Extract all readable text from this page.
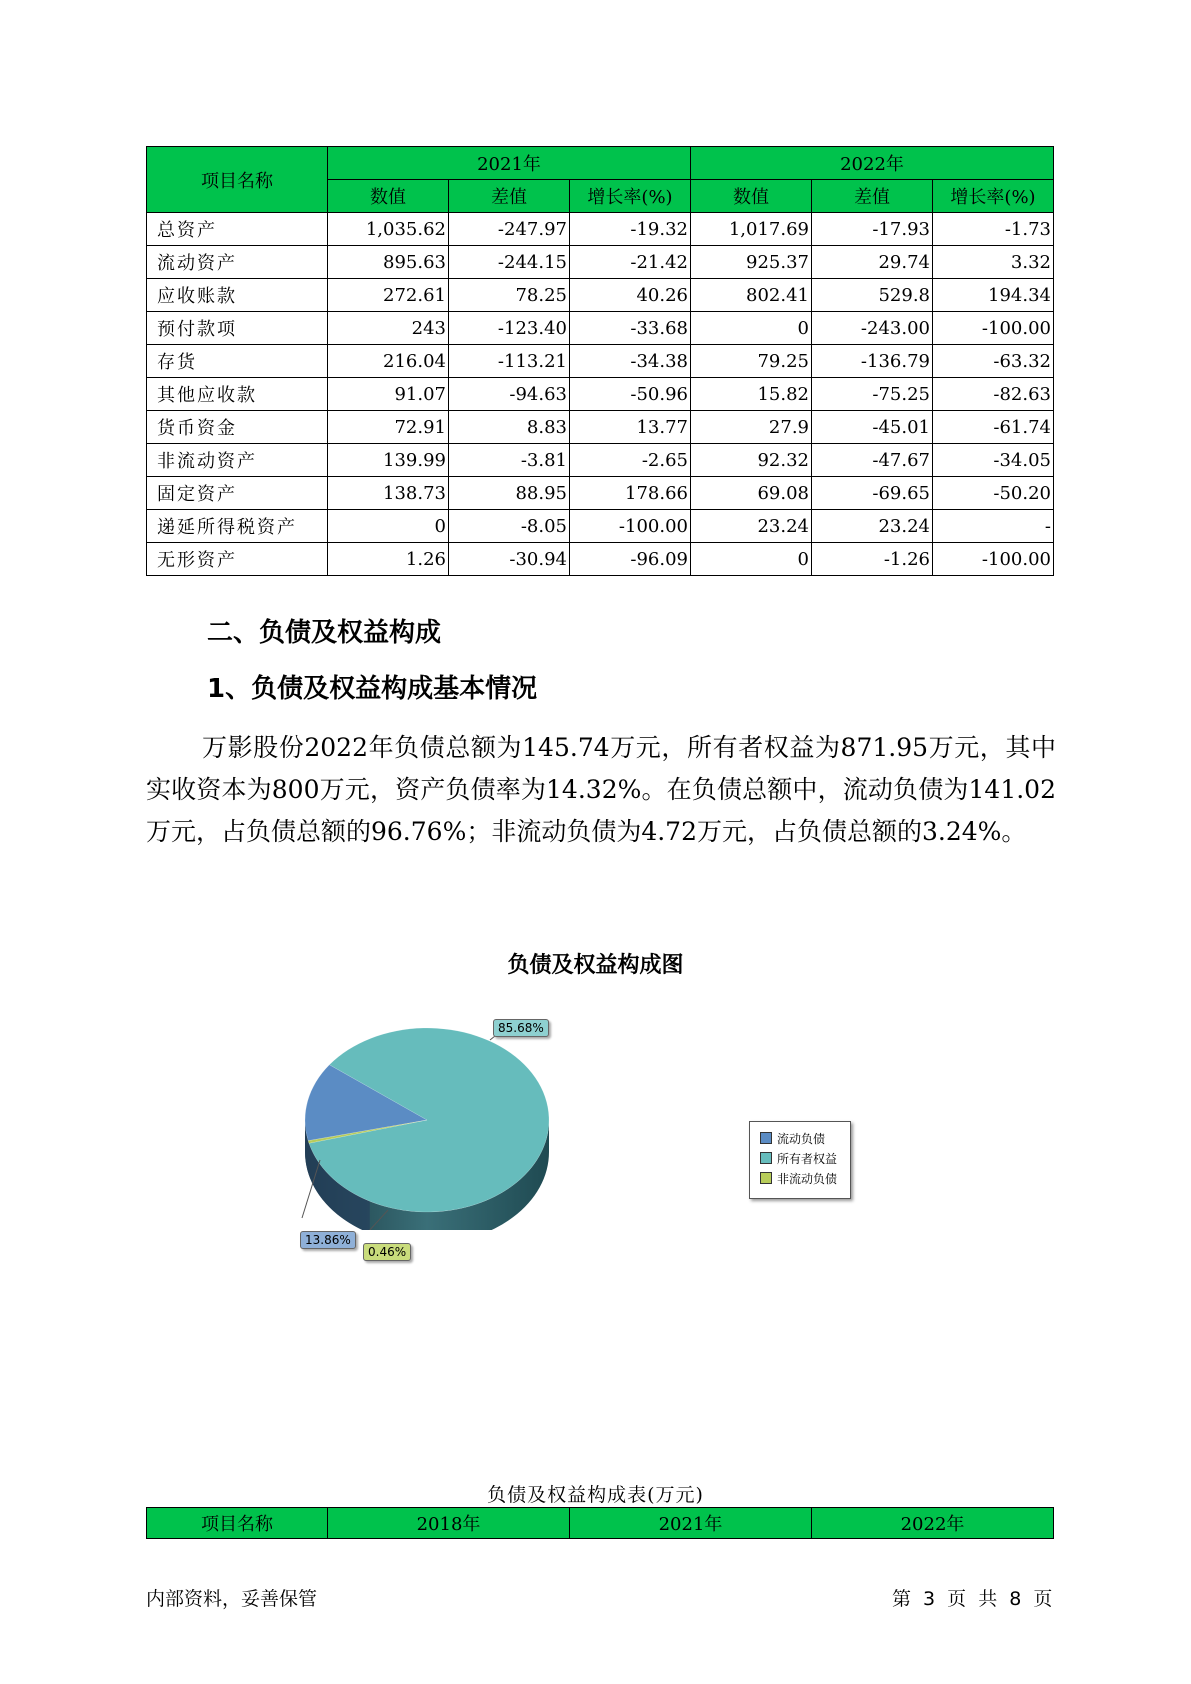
项目名称	2021年			2022年		
	数值	差值	增长率(%)	数值	差值	增长率(%)
总资产	1,035.62	-247.97	-19.32	1,017.69	-17.93	-1.73
流动资产	895.63	-244.15	-21.42	925.37	29.74	3.32
应收账款	272.61	78.25	40.26	802.41	529.8	194.34
预付款项	243	-123.40	-33.68	0	-243.00	-100.00
存货	216.04	-113.21	-34.38	79.25	-136.79	-63.32
其他应收款	91.07	-94.63	-50.96	15.82	-75.25	-82.63
货币资金	72.91	8.83	13.77	27.9	-45.01	-61.74
非流动资产	139.99	-3.81	-2.65	92.32	-47.67	-34.05
固定资产	138.73	88.95	178.66	69.08	-69.65	-50.20
递延所得税资产	0	-8.05	-100.00	23.24	23.24	-
无形资产	1.26	-30.94	-96.09	0	-1.26	-100.00
二、负债及权益构成
1、负债及权益构成基本情况
万影股份2022年负债总额为145.74万元，所有者权益为871.95万元，其中实收资本为800万元，资产负债率为14.32%。在负债总额中，流动负债为141.02万元，占负债总额的96.76%；非流动负债为4.72万元，占负债总额的3.24%。
负债及权益构成图
13.86%
85.68%
0.46%
流动负债
所有者权益
非流动负债
负债及权益构成表(万元)
项目名称	2018年	2021年	2022年
内部资料，妥善保管	第 3 页 共 8 页
